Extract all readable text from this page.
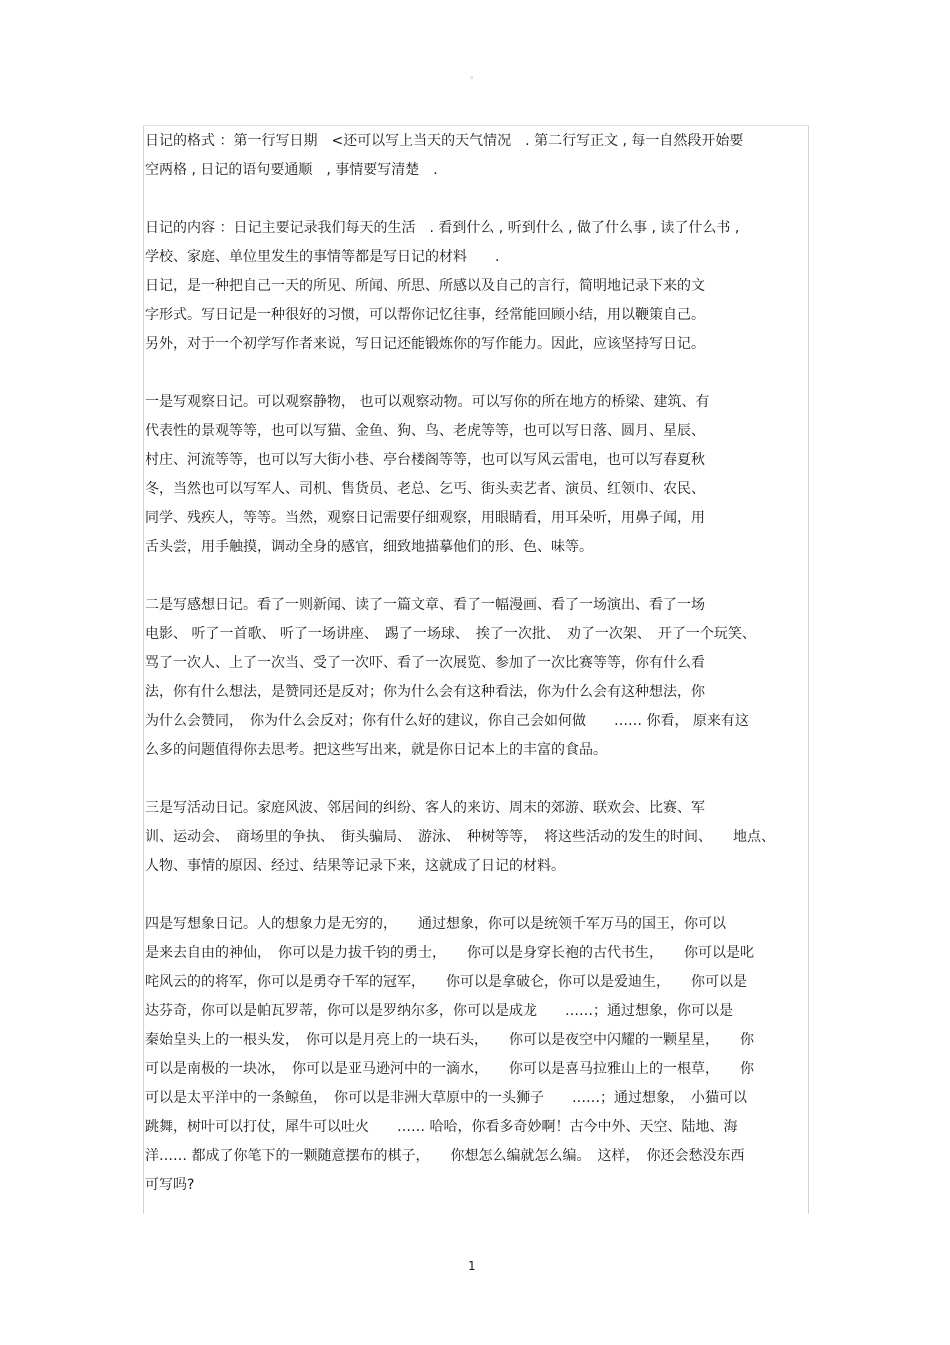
。
日记的格式 ：第一行写日期　<还可以写上当天的天气情况　. 第二行写正文 , 每一自然段开始要
空两格 , 日记的语句要通顺　, 事情要写清楚　.
日记的内容 ：日记主要记录我们每天的生活　. 看到什么 , 听到什么 , 做了什么事 , 读了什么书 ,
学校、家庭、单位里发生的事情等都是写日记的材料　　.
日记，是一种把自己一天的所见、所闻、所思、所感以及自己的言行，简明地记录下来的文
字形式。写日记是一种很好的习惯，可以帮你记忆往事，经常能回顾小结，用以鞭策自己。
另外，对于一个初学写作者来说，写日记还能锻炼你的写作能力。因此，应该坚持写日记。
一是写观察日记。可以观察静物， 也可以观察动物。可以写你的所在地方的桥梁、建筑、有
代表性的景观等等，也可以写猫、金鱼、狗、鸟、老虎等等，也可以写日落、圆月、星辰、
村庄、河流等等，也可以写大街小巷、亭台楼阁等等，也可以写风云雷电，也可以写春夏秋
冬，当然也可以写军人、司机、售货员、老总、乞丐、街头卖艺者、演员、红领巾、农民、
同学、残疾人，等等。当然，观察日记需要仔细观察，用眼睛看，用耳朵听，用鼻子闻，用
舌头尝，用手触摸，调动全身的感官，细致地描摹他们的形、色、味等。
二是写感想日记。看了一则新闻、读了一篇文章、看了一幅漫画、看了一场演出、看了一场
电影、 听了一首歌、 听了一场讲座、　踢了一场球、　挨了一次批、　劝了一次架、　开了一个玩笑、
骂了一次人、上了一次当、受了一次吓、看了一次展览、参加了一次比赛等等，你有什么看
法，你有什么想法，是赞同还是反对；你为什么会有这种看法，你为什么会有这种想法，你
为什么会赞同，　你为什么会反对；你有什么好的建议，你自己会如何做　　…… 你看， 原来有这
么多的问题值得你去思考。把这些写出来，就是你日记本上的丰富的食品。
三是写活动日记。家庭风波、邻居间的纠纷、客人的来访、周末的郊游、联欢会、比赛、军
训、运动会、　商场里的争执、　街头骗局、　游泳、　种树等等，　将这些活动的发生的时间、　　地点、
人物、事情的原因、经过、结果等记录下来，这就成了日记的材料。
四是写想象日记。人的想象力是无穷的，　　通过想象，你可以是统领千军万马的国王，你可以
是来去自由的神仙，　你可以是力拔千钧的勇士，　　你可以是身穿长袍的古代书生，　　你可以是叱
咤风云的的将军，你可以是勇夺千军的冠军，　　你可以是拿破仑，你可以是爱迪生，　　你可以是
达芬奇，你可以是帕瓦罗蒂，你可以是罗纳尔多，你可以是成龙　　……；通过想象，你可以是
秦始皇头上的一根头发，　你可以是月亮上的一块石头，　　你可以是夜空中闪耀的一颗星星，　　你
可以是南极的一块冰，　你可以是亚马逊河中的一滴水，　　你可以是喜马拉雅山上的一根草，　　你
可以是太平洋中的一条鲸鱼，　你可以是非洲大草原中的一头狮子　　……；通过想象，　小猫可以
跳舞，树叶可以打仗，犀牛可以吐火　　…… 哈哈，你看多奇妙啊！古今中外、天空、陆地、海
洋…… 都成了你笔下的一颗随意摆布的棋子，　　你想怎么编就怎么编。　这样，　你还会愁没东西
可写吗?
1
